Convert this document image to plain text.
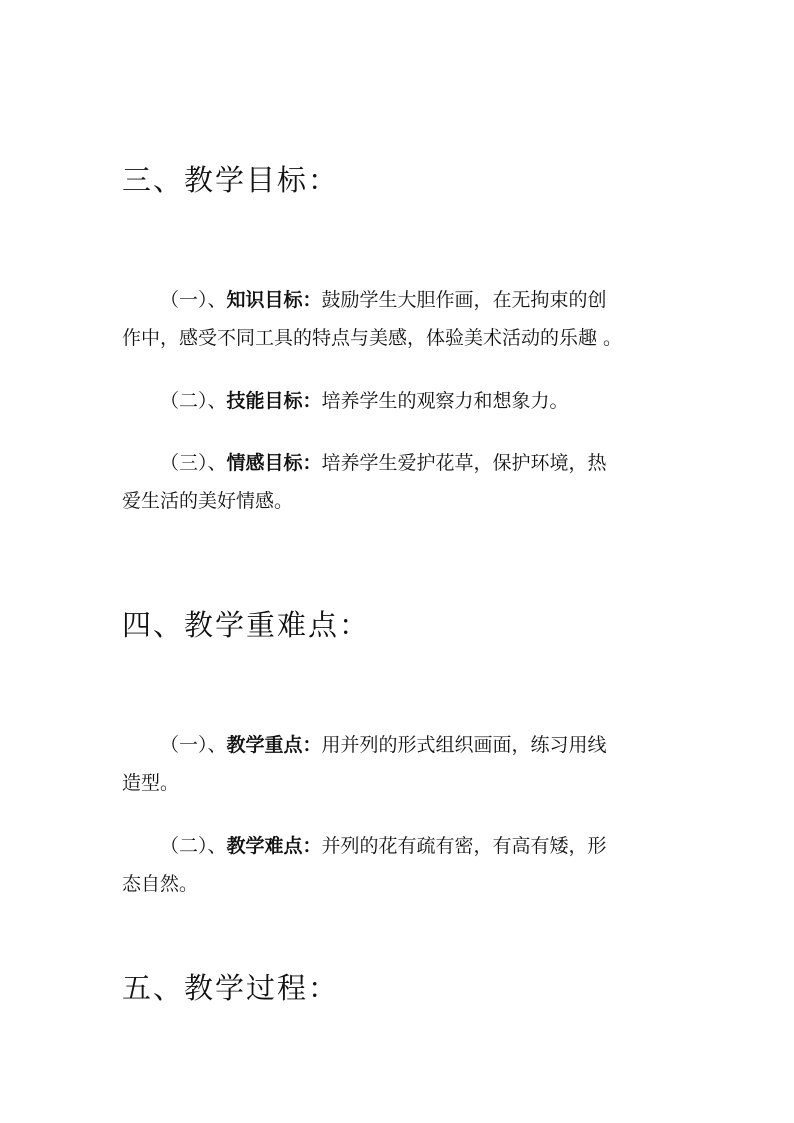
三、教学目标：
（一）、知识目标：鼓励学生大胆作画，在无拘束的创
作中，感受不同工具的特点与美感，体验美术活动的乐趣 。
（二）、技能目标：培养学生的观察力和想象力。
（三）、情感目标：培养学生爱护花草，保护环境，热
爱生活的美好情感。
四、教学重难点：
（一）、教学重点：用并列的形式组织画面，练习用线
造型。
（二）、教学难点：并列的花有疏有密，有高有矮，形
态自然。
五、教学过程：
